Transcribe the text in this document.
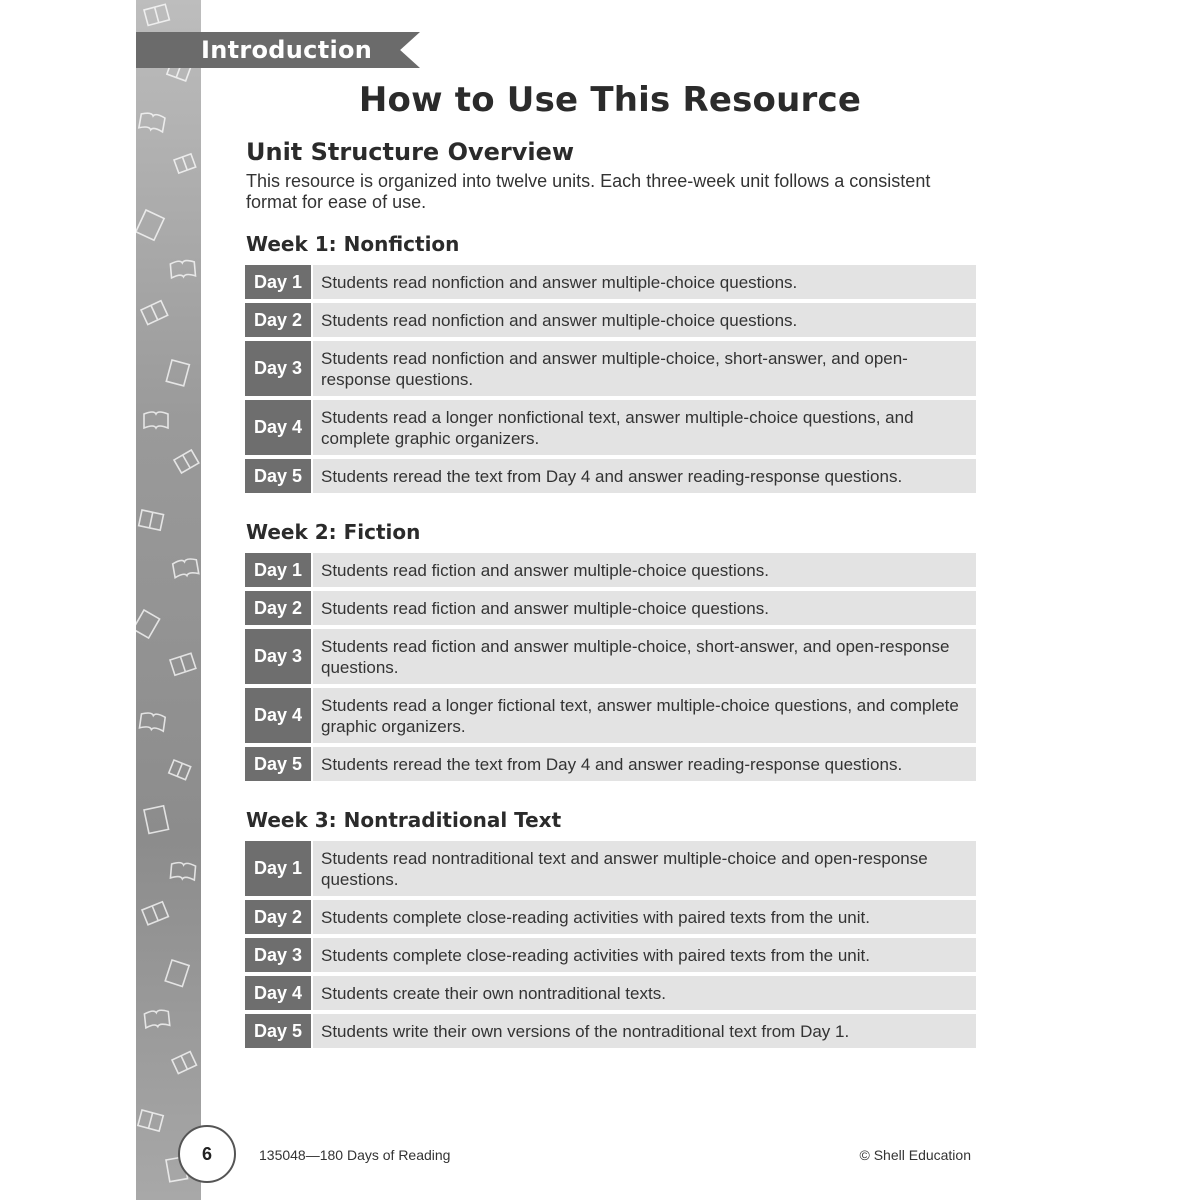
Introduction
How to Use This Resource
Unit Structure Overview
This resource is organized into twelve units. Each three-week unit follows a consistent format for ease of use.
Week 1: Nonfiction
Day 1	Students read nonfiction and answer multiple-choice questions.
Day 2	Students read nonfiction and answer multiple-choice questions.
Day 3	Students read nonfiction and answer multiple-choice, short-answer, and open-response questions.
Day 4	Students read a longer nonfictional text, answer multiple-choice questions, and complete graphic organizers.
Day 5	Students reread the text from Day 4 and answer reading-response questions.
Week 2: Fiction
Day 1	Students read fiction and answer multiple-choice questions.
Day 2	Students read fiction and answer multiple-choice questions.
Day 3	Students read fiction and answer multiple-choice, short-answer, and open-response questions.
Day 4	Students read a longer fictional text, answer multiple-choice questions, and complete graphic organizers.
Day 5	Students reread the text from Day 4 and answer reading-response questions.
Week 3: Nontraditional Text
Day 1	Students read nontraditional text and answer multiple-choice and open-response questions.
Day 2	Students complete close-reading activities with paired texts from the unit.
Day 3	Students complete close-reading activities with paired texts from the unit.
Day 4	Students create their own nontraditional texts.
Day 5	Students write their own versions of the nontraditional text from Day 1.
6	135048—180 Days of Reading	© Shell Education
